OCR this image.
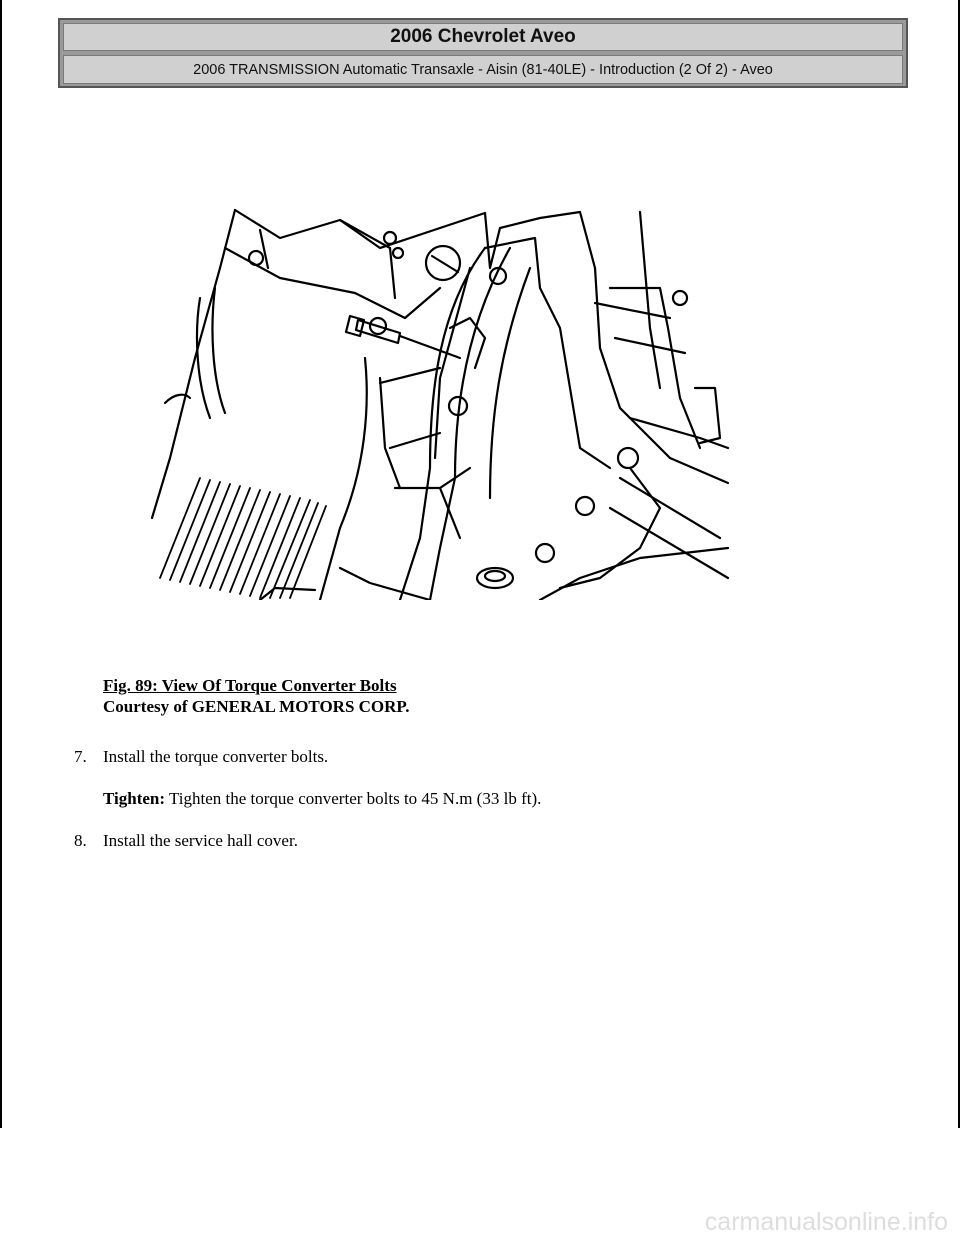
2006 Chevrolet Aveo
2006 TRANSMISSION Automatic Transaxle - Aisin (81-40LE) - Introduction (2 Of 2) - Aveo
Fig. 89: View Of Torque Converter Bolts
Courtesy of GENERAL MOTORS CORP.
7. Install the torque converter bolts.
Tighten: Tighten the torque converter bolts to 45 N.m (33 lb ft).
8. Install the service hall cover.
carmanualsonline.info
